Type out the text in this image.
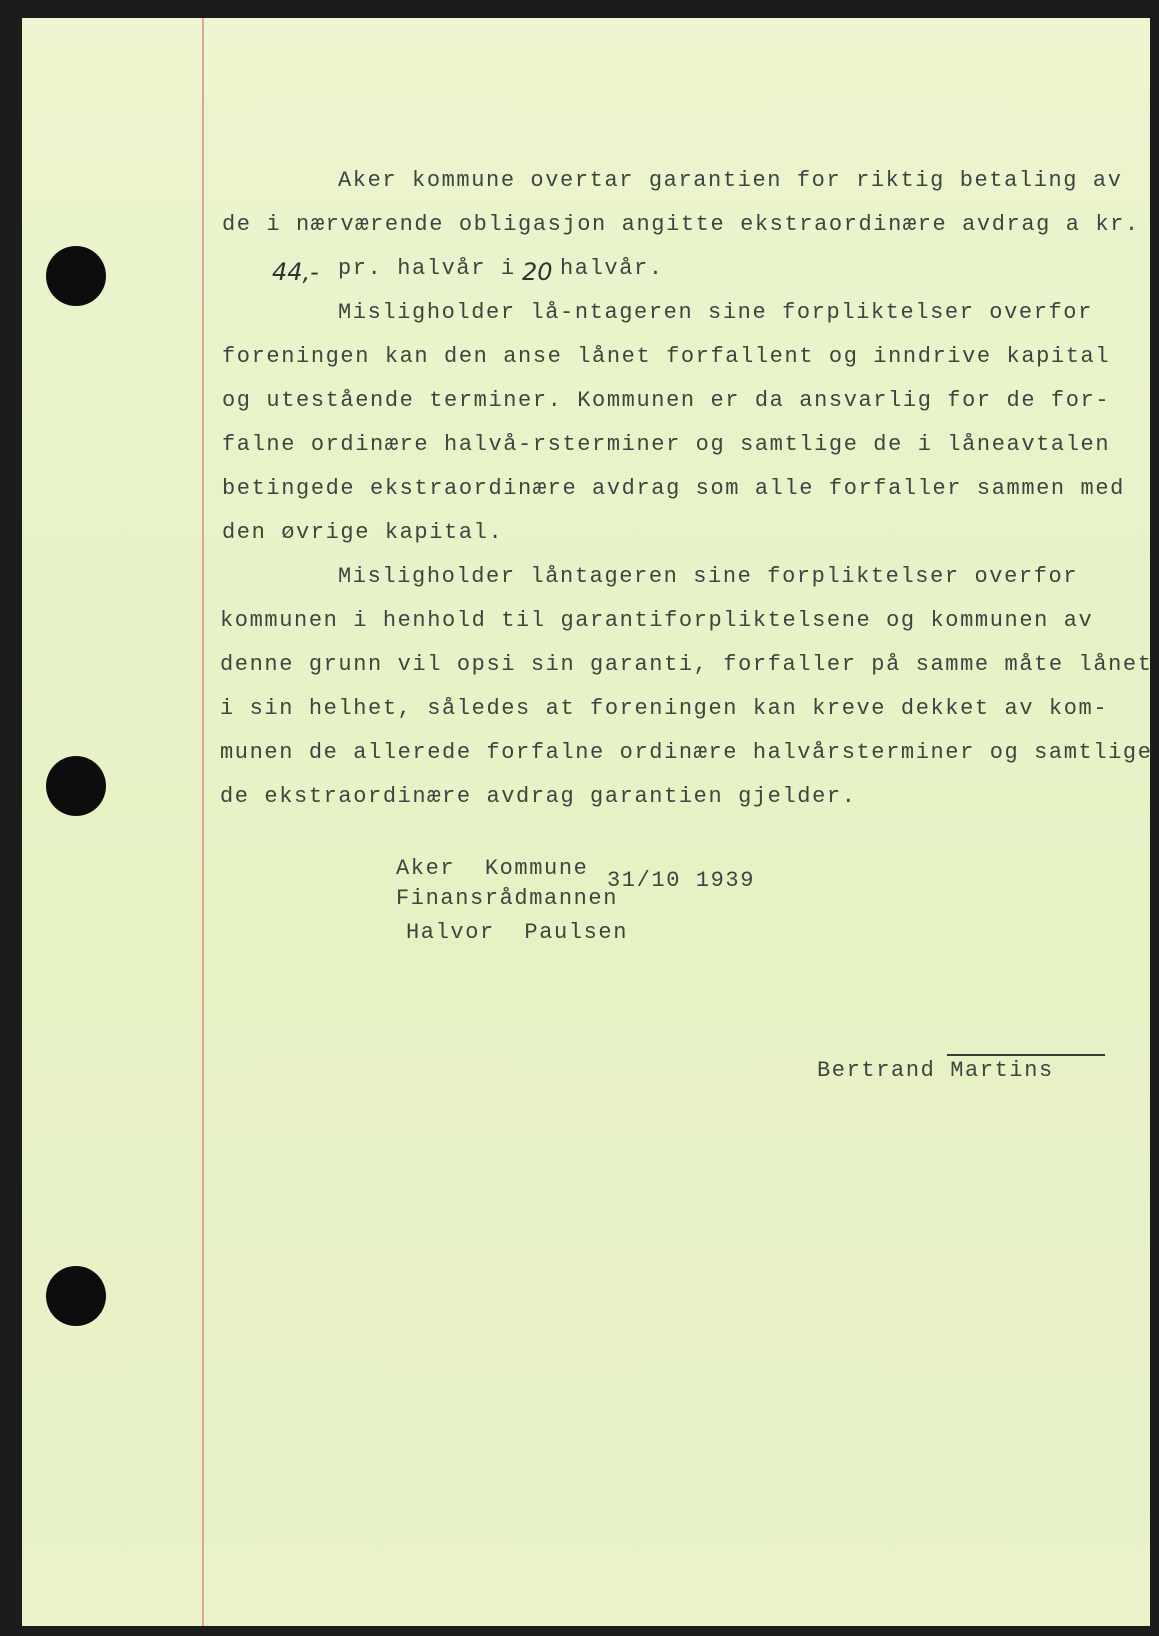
Aker kommune overtar garantien for riktig betaling av
de i nærværende obligasjon angitte ekstraordinære avdrag a kr.
44,- pr. halvår i 20 halvår.
Misligholder lå-ntageren sine forpliktelser overfor
foreningen kan den anse lånet forfallent og inndrive kapital
og utestående terminer. Kommunen er da ansvarlig for de for-
falne ordinære halvå-rsterminer og samtlige de i låneavtalen
betingede ekstraordinære avdrag som alle forfaller sammen med
den øvrige kapital.
Misligholder låntageren sine forpliktelser overfor
kommunen i henhold til garantiforpliktelsene og kommunen av
denne grunn vil opsi sin garanti, forfaller på samme måte lånet
i sin helhet, således at foreningen kan kreve dekket av kom-
munen de allerede forfalne ordinære halvårsterminer og samtlige
de ekstraordinære avdrag garantien gjelder.
Aker  Kommune
Finansrådmannen
Halvor  Paulsen
31/10 1939
Bertrand Martins
